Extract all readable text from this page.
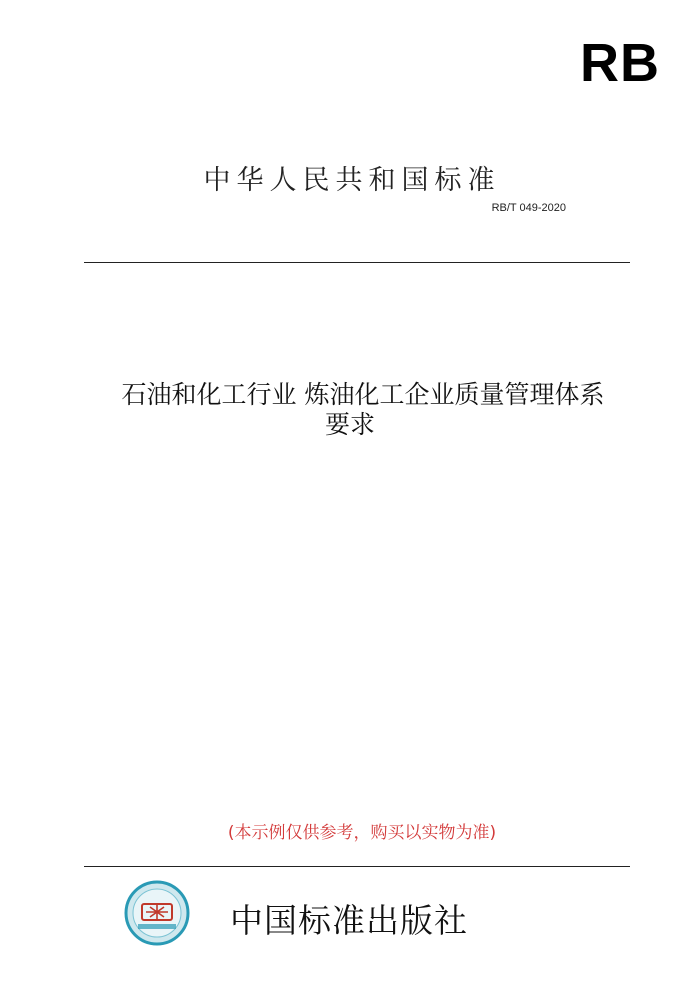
RB
中华人民共和国标准
RB/T 049-2020
石油和化工行业 炼油化工企业质量管理体系
要求
(本示例仅供参考，购买以实物为准)
中国标准出版社
